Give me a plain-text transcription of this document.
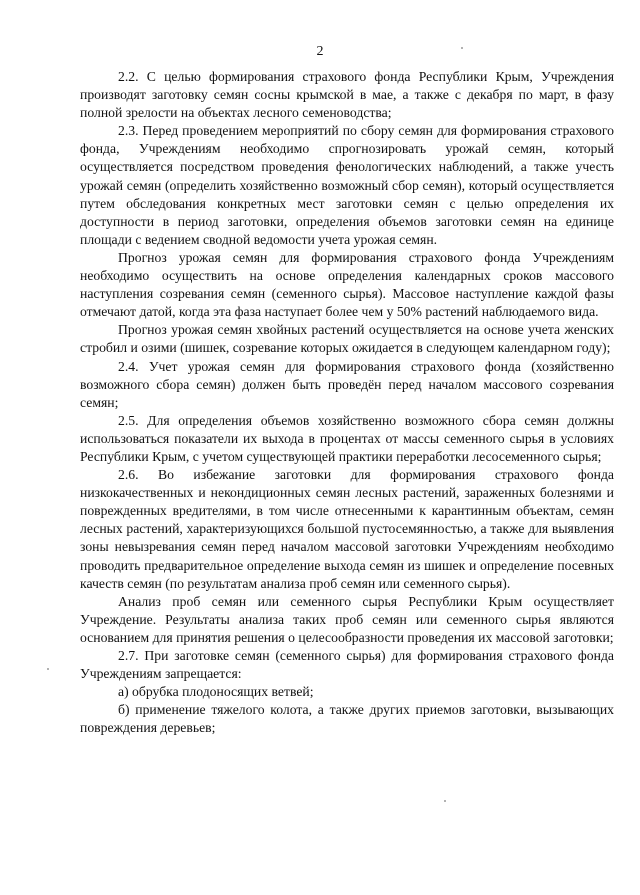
2

2.2. С целью формирования страхового фонда Республики Крым, Учреждения производят заготовку семян сосны крымской в мае, а также с декабря по март, в фазу полной зрелости на объектах лесного семеноводства;

2.3. Перед проведением мероприятий по сбору семян для формирования страхового фонда, Учреждениям необходимо спрогнозировать урожай семян, который осуществляется посредством проведения фенологических наблюдений, а также учесть урожай семян (определить хозяйственно возможный сбор семян), который осуществляется путем обследования конкретных мест заготовки семян с целью определения их доступности в период заготовки, определения объемов заготовки семян на единице площади с ведением сводной ведомости учета урожая семян.

Прогноз урожая семян для формирования страхового фонда Учреждениям необходимо осуществить на основе определения календарных сроков массового наступления созревания семян (семенного сырья). Массовое наступление каждой фазы отмечают датой, когда эта фаза наступает более чем у 50% растений наблюдаемого вида.

Прогноз урожая семян хвойных растений осуществляется на основе учета женских стробил и озими (шишек, созревание которых ожидается в следующем календарном году);

2.4. Учет урожая семян для формирования страхового фонда (хозяйственно возможного сбора семян) должен быть проведён перед началом массового созревания семян;

2.5. Для определения объемов хозяйственно возможного сбора семян должны использоваться показатели их выхода в процентах от массы семенного сырья в условиях Республики Крым, с учетом существующей практики переработки лесосеменного сырья;

2.6. Во избежание заготовки для формирования страхового фонда низкокачественных и некондиционных семян лесных растений, зараженных болезнями и поврежденных вредителями, в том числе отнесенными к карантинным объектам, семян лесных растений, характеризующихся большой пустосемянностью, а также для выявления зоны невызревания семян перед началом массовой заготовки Учреждениям необходимо проводить предварительное определение выхода семян из шишек и определение посевных качеств семян (по результатам анализа проб семян или семенного сырья).

Анализ проб семян или семенного сырья Республики Крым осуществляет Учреждение. Результаты анализа таких проб семян или семенного сырья являются основанием для принятия решения о целесообразности проведения их массовой заготовки;

2.7. При заготовке семян (семенного сырья) для формирования страхового фонда Учреждениям запрещается:

а) обрубка плодоносящих ветвей;

б) применение тяжелого колота, а также других приемов заготовки, вызывающих повреждения деревьев;
